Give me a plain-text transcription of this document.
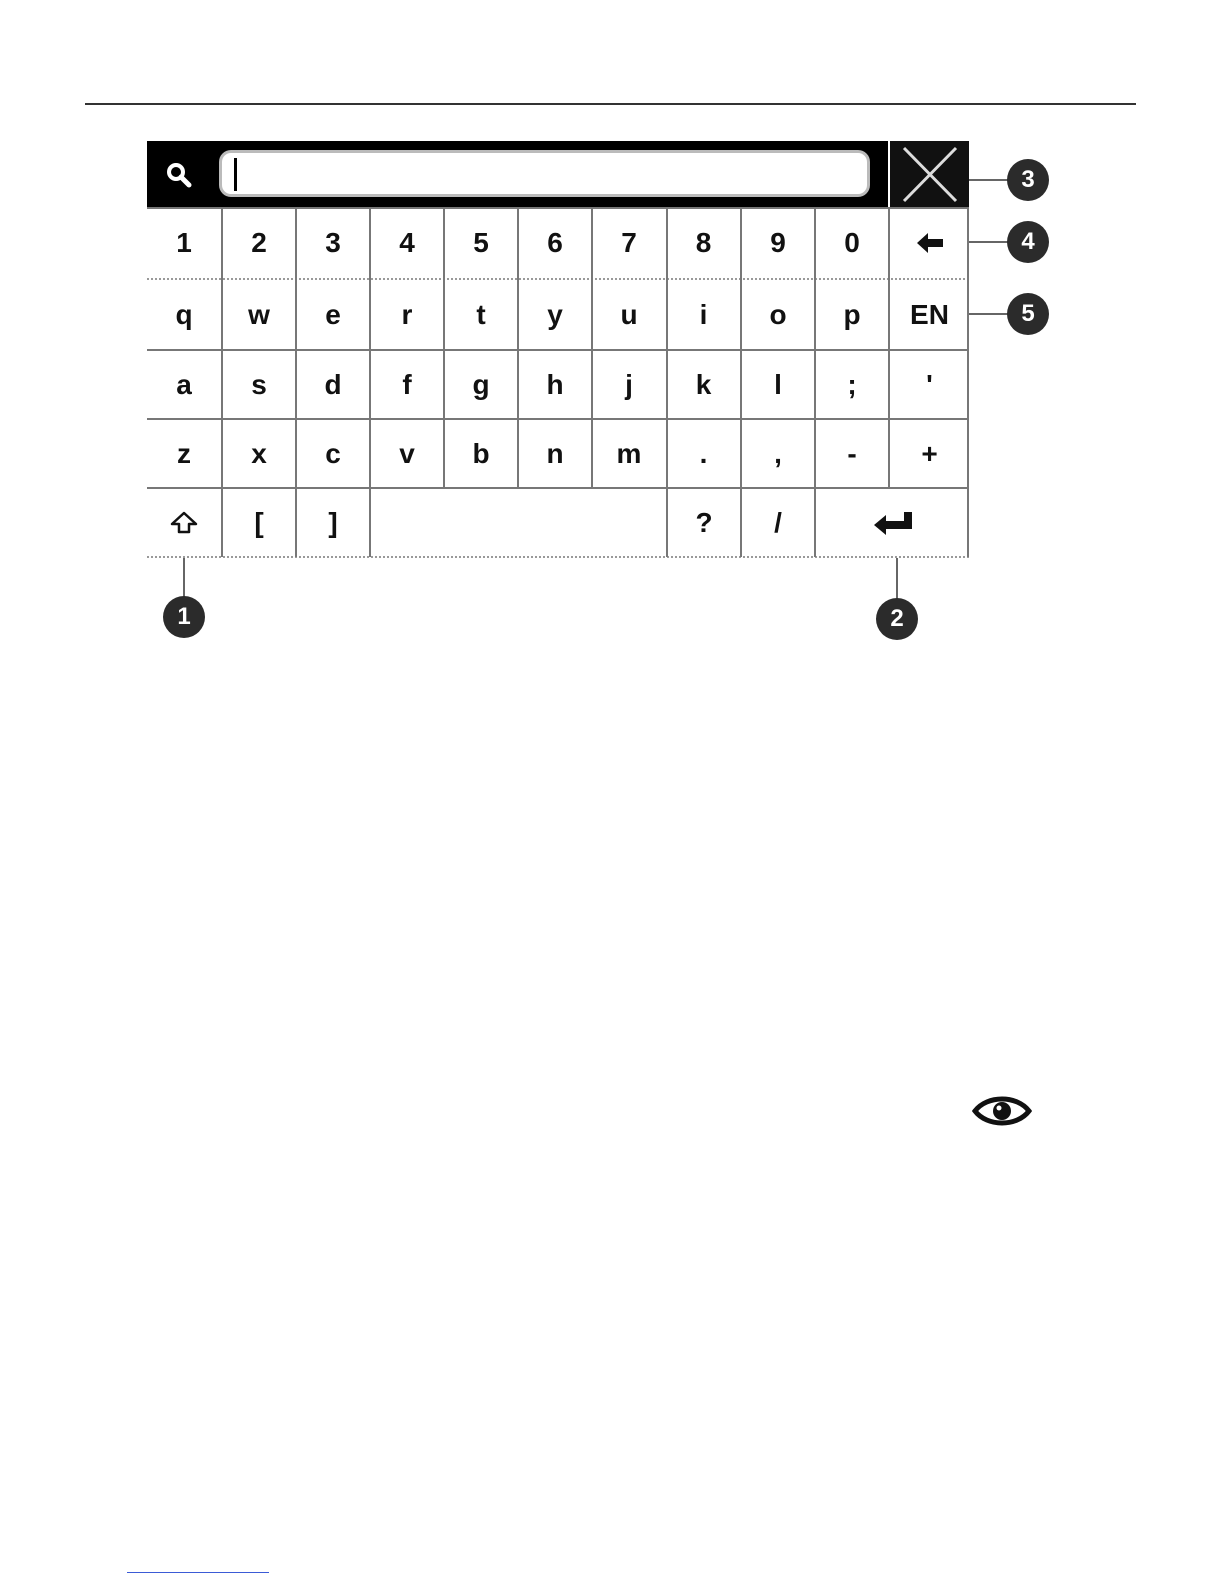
1	2	3	4	5	6	7	8	9	0
q	w	e	r	t	y	u	i	o	p	EN
a	s	d	f	g	h	j	k	l	;	'
z	x	c	v	b	n	m	.	,	-	+
[	]	?	/
1	2
3
4
5
